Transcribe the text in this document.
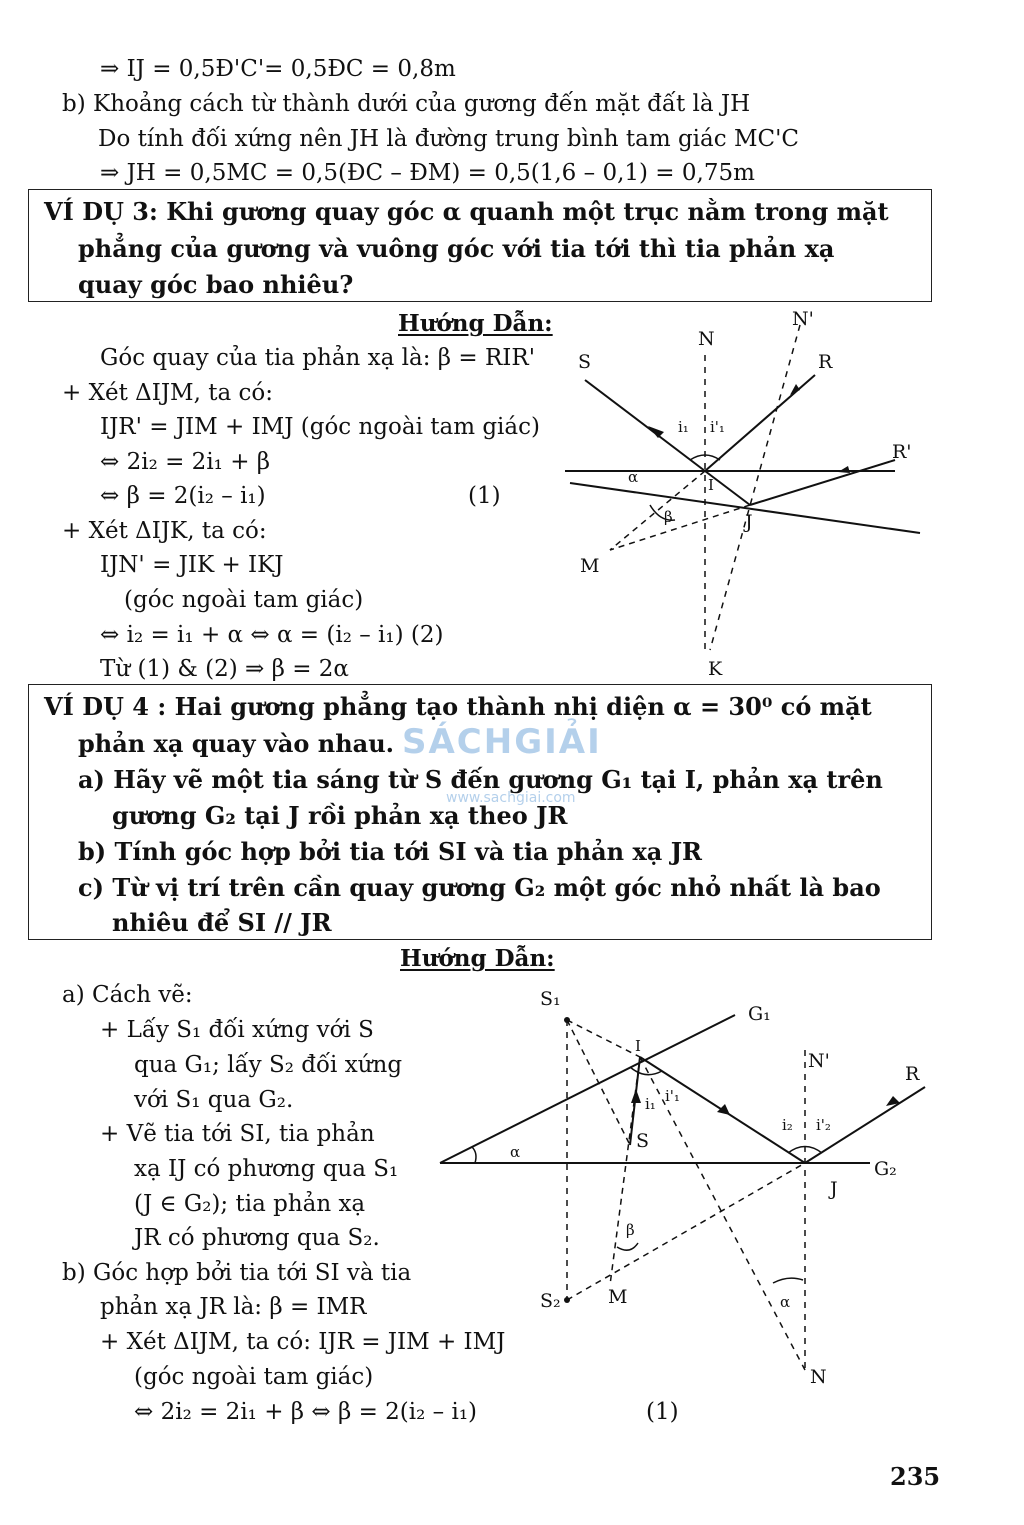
⇒ IJ = 0,5Đ'C'= 0,5ĐC = 0,8m
b) Khoảng cách từ thành dưới của gương đến mặt đất là JH
Do tính đối xứng nên JH là đường trung bình tam giác MC'C
⇒ JH = 0,5MC = 0,5(ĐC – ĐM) = 0,5(1,6 – 0,1) = 0,75m
VÍ DỤ 3: Khi gương quay góc α quanh một trục nằm trong mặt
phẳng của gương và vuông góc với tia tới thì tia phản xạ
quay góc bao nhiêu?
Hướng Dẫn:
Góc quay của tia phản xạ là: β = RIR'
+ Xét ΔIJM, ta có:
IJR' = JIM + IMJ (góc ngoài tam giác)
⇔ 2i₂ = 2i₁ + β
⇔ β = 2(i₂ – i₁)	(1)
+ Xét ΔIJK, ta có:
IJN' = JIK + IKJ
(góc ngoài tam giác)
⇔ i₂ = i₁ + α ⇔ α = (i₂ – i₁) (2)
Từ (1) & (2) ⇒ β = 2α
N
N'
S	R
R'
I
J
M
K
i₁ i'₁
α
β
VÍ DỤ 4 : Hai gương phẳng tạo thành nhị diện α = 30⁰ có mặt
phản xạ quay vào nhau.
a) Hãy vẽ một tia sáng từ S đến gương G₁ tại I, phản xạ trên
gương G₂ tại J rồi phản xạ theo JR
b) Tính góc hợp bởi tia tới SI và tia phản xạ JR
c) Từ vị trí trên cần quay gương G₂ một góc nhỏ nhất là bao
nhiêu để SI // JR
SÁCHGIẢI
www.sachgiai.com
Hướng Dẫn:
a) Cách vẽ:
+ Lấy S₁ đối xứng với S
qua G₁; lấy S₂ đối xứng
với S₁ qua G₂.
+ Vẽ tia tới SI, tia phản
xạ IJ có phương qua S₁
(J ∈ G₂); tia phản xạ
JR có phương qua S₂.
b) Góc hợp bởi tia tới SI và tia
phản xạ JR là: β = IMR
+ Xét ΔIJM, ta có: IJR = JIM + IMJ
(góc ngoài tam giác)
⇔ 2i₂ = 2i₁ + β ⇔ β = 2(i₂ – i₁)	(1)
S₁
G₁
I
N'
R
i₁ i'₁
i₂ i'₂
S
α
G₂
J
β
S₂ M	α
N
235
